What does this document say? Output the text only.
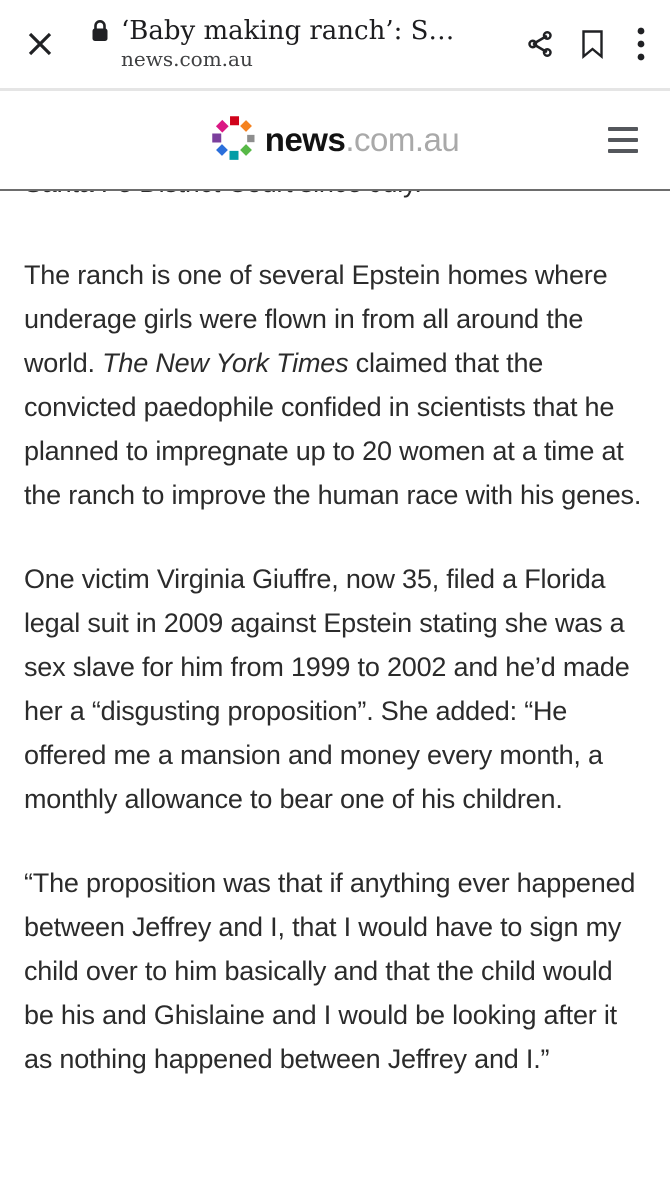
‘Baby making ranch’: S…
news.com.au
news.com.au

The ranch is one of several Epstein homes where underage girls were flown in from all around the world. The New York Times claimed that the convicted paedophile confided in scientists that he planned to impregnate up to 20 women at a time at the ranch to improve the human race with his genes.

One victim Virginia Giuffre, now 35, filed a Florida legal suit in 2009 against Epstein stating she was a sex slave for him from 1999 to 2002 and he’d made her a “disgusting proposition”. She added: “He offered me a mansion and money every month, a monthly allowance to bear one of his children.

“The proposition was that if anything ever happened between Jeffrey and I, that I would have to sign my child over to him basically and that the child would be his and Ghislaine and I would be looking after it as nothing happened between Jeffrey and I.”
